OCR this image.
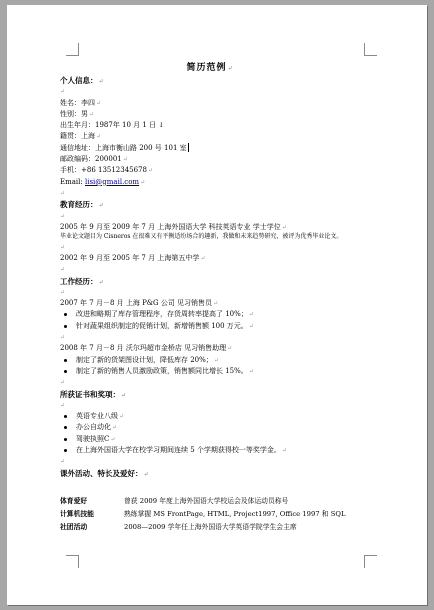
简历范例↵
个人信息：↵
↵
姓名：李四↵
性别：男↵
出生年月：1987年 10 月 1 日 ↓
籍贯：上海↵
通信地址：上海市衡山路 200 号 101 室
邮政编码：200001↵
手机：+86 13512345678↵
Email: lisi@gmail.com↵
↵
教育经历：↵
↵
2005 年 9 月至 2009 年 7 月 上海外国语大学 科技英语专业 学士学位↵
毕业论文题目为 Cisneros 在很难又有平衡适纷场合的趣新，我做和未来趋势研究，被评为优秀毕业论文。
↵
2002 年 9 月至 2005 年 7 月 上海第五中学↵
↵
工作经历：↵
↵
2007 年 7 月－8 月 上海 P&G 公司 见习销售员↵
改进和略期了库存管理程序，存货周转率提高了 10%；↵
针对蔬果组织制定的促销计划，新增销售额 100 万元。↵
↵
2008 年 7 月－8 月 沃尔玛超市金桥店 见习销售助理↵
制定了新的货架图设计划，降低库存 20%；↵
制定了新的销售人员激励政策，销售额同比增长 15%。↵
↵
所获证书和奖项：↵
↵
英语专业八级↵
办公自动化↵
驾驶执照C↵
在上海外国语大学在校学习期间连续 5 个学期获得校一等奖学金。↵
↵
课外活动、特长及爱好：↵
体育爱好	曾获 2009 年度上海外国语大学校运会及体运动员称号
计算机技能	熟练掌握 MS FrontPage, HTML, Project1997, Office 1997 和 SQL
社团活动	2008—2009 学年任上海外国语大学英语学院学生会主席
